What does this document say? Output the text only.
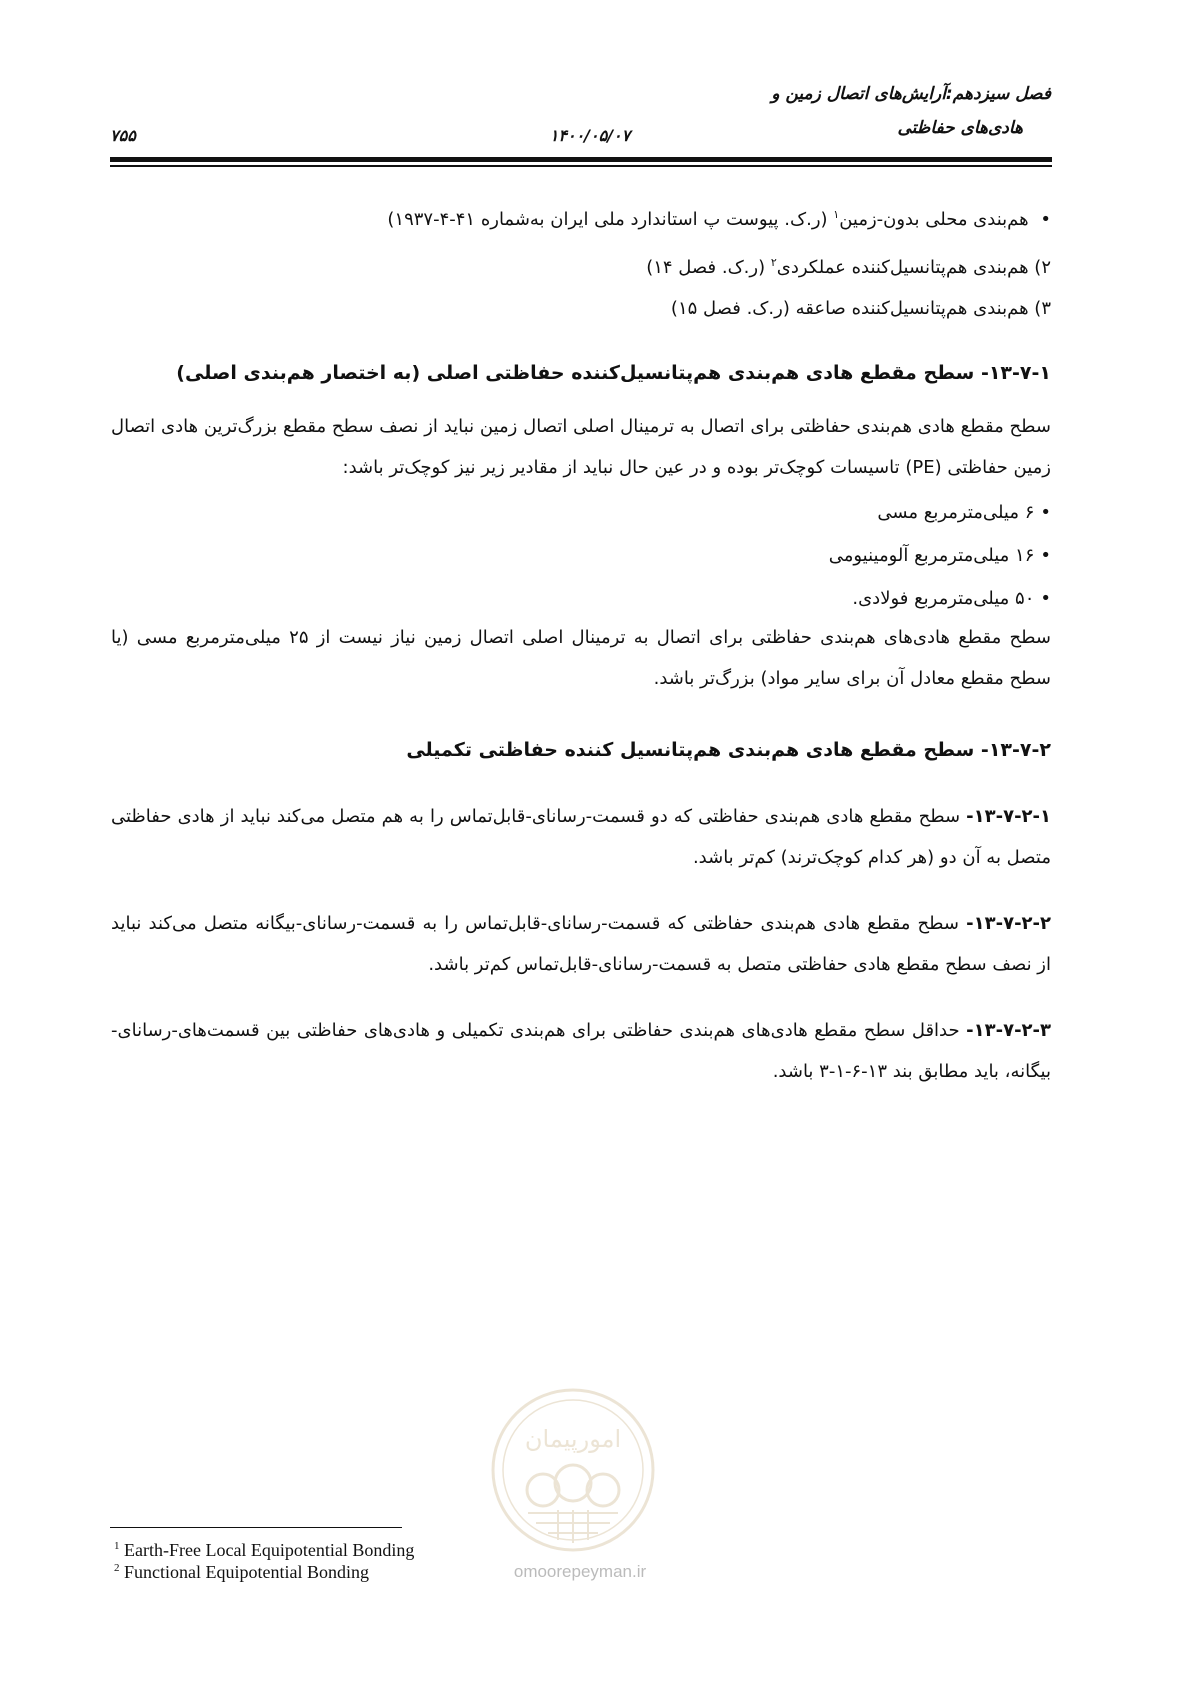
فصل سیزدهم:آرایش‌های اتصال زمین و
هادی‌های حفاظتی
۱۴۰۰/۰۵/۰۷
۷۵۵
• هم‌بندی محلی بدون-زمین$^۱$ (ر.ک. پیوست پ استاندارد ملی ایران به‌شماره ۴۱-۴-۱۹۳۷)
۲) هم‌بندی هم‌پتانسیل‌کننده عملکردی$^۲$ (ر.ک. فصل ۱۴)
۳) هم‌بندی هم‌پتانسیل‌کننده صاعقه (ر.ک. فصل ۱۵)
۱۳-۷-۱- سطح مقطع هادی هم‌بندی هم‌پتانسیل‌کننده حفاظتی اصلی (به اختصار هم‌بندی اصلی)
سطح مقطع هادی هم‌بندی حفاظتی برای اتصال به ترمینال اصلی اتصال زمین نباید از نصف سطح مقطع بزرگ‌ترین هادی اتصال زمین حفاظتی (PE) تاسیسات کوچک‌تر بوده و در عین حال نباید از مقادیر زیر نیز کوچک‌تر باشد:
• ۶ میلی‌مترمربع مسی
• ۱۶ میلی‌مترمربع آلومینیومی
• ۵۰ میلی‌مترمربع فولادی.
سطح مقطع هادی‌های هم‌بندی حفاظتی برای اتصال به ترمینال اصلی اتصال زمین نیاز نیست از ۲۵ میلی‌مترمربع مسی (یا سطح مقطع معادل آن برای سایر مواد) بزرگ‌تر باشد.
۱۳-۷-۲- سطح مقطع هادی هم‌بندی هم‌پتانسیل کننده حفاظتی تکمیلی
۱۳-۷-۲-۱- سطح مقطع هادی هم‌بندی حفاظتی که دو قسمت-رسانای-قابل‌تماس را به هم متصل می‌کند نباید از هادی حفاظتی متصل به آن دو (هر کدام کوچک‌ترند) کم‌تر باشد.
۱۳-۷-۲-۲- سطح مقطع هادی هم‌بندی حفاظتی که قسمت-رسانای-قابل‌تماس را به قسمت-رسانای-بیگانه متصل می‌کند نباید از نصف سطح مقطع هادی حفاظتی متصل به قسمت-رسانای-قابل‌تماس کم‌تر باشد.
۱۳-۷-۲-۳- حداقل سطح مقطع هادی‌های هم‌بندی حفاظتی برای هم‌بندی تکمیلی و هادی‌های حفاظتی بین قسمت‌های-رسانای-بیگانه، باید مطابق بند ۱۳-۶-۱-۳ باشد.
امورپیمان
omoorepeyman.ir
$^1$ Earth-Free Local Equipotential Bonding
$^2$ Functional Equipotential Bonding
